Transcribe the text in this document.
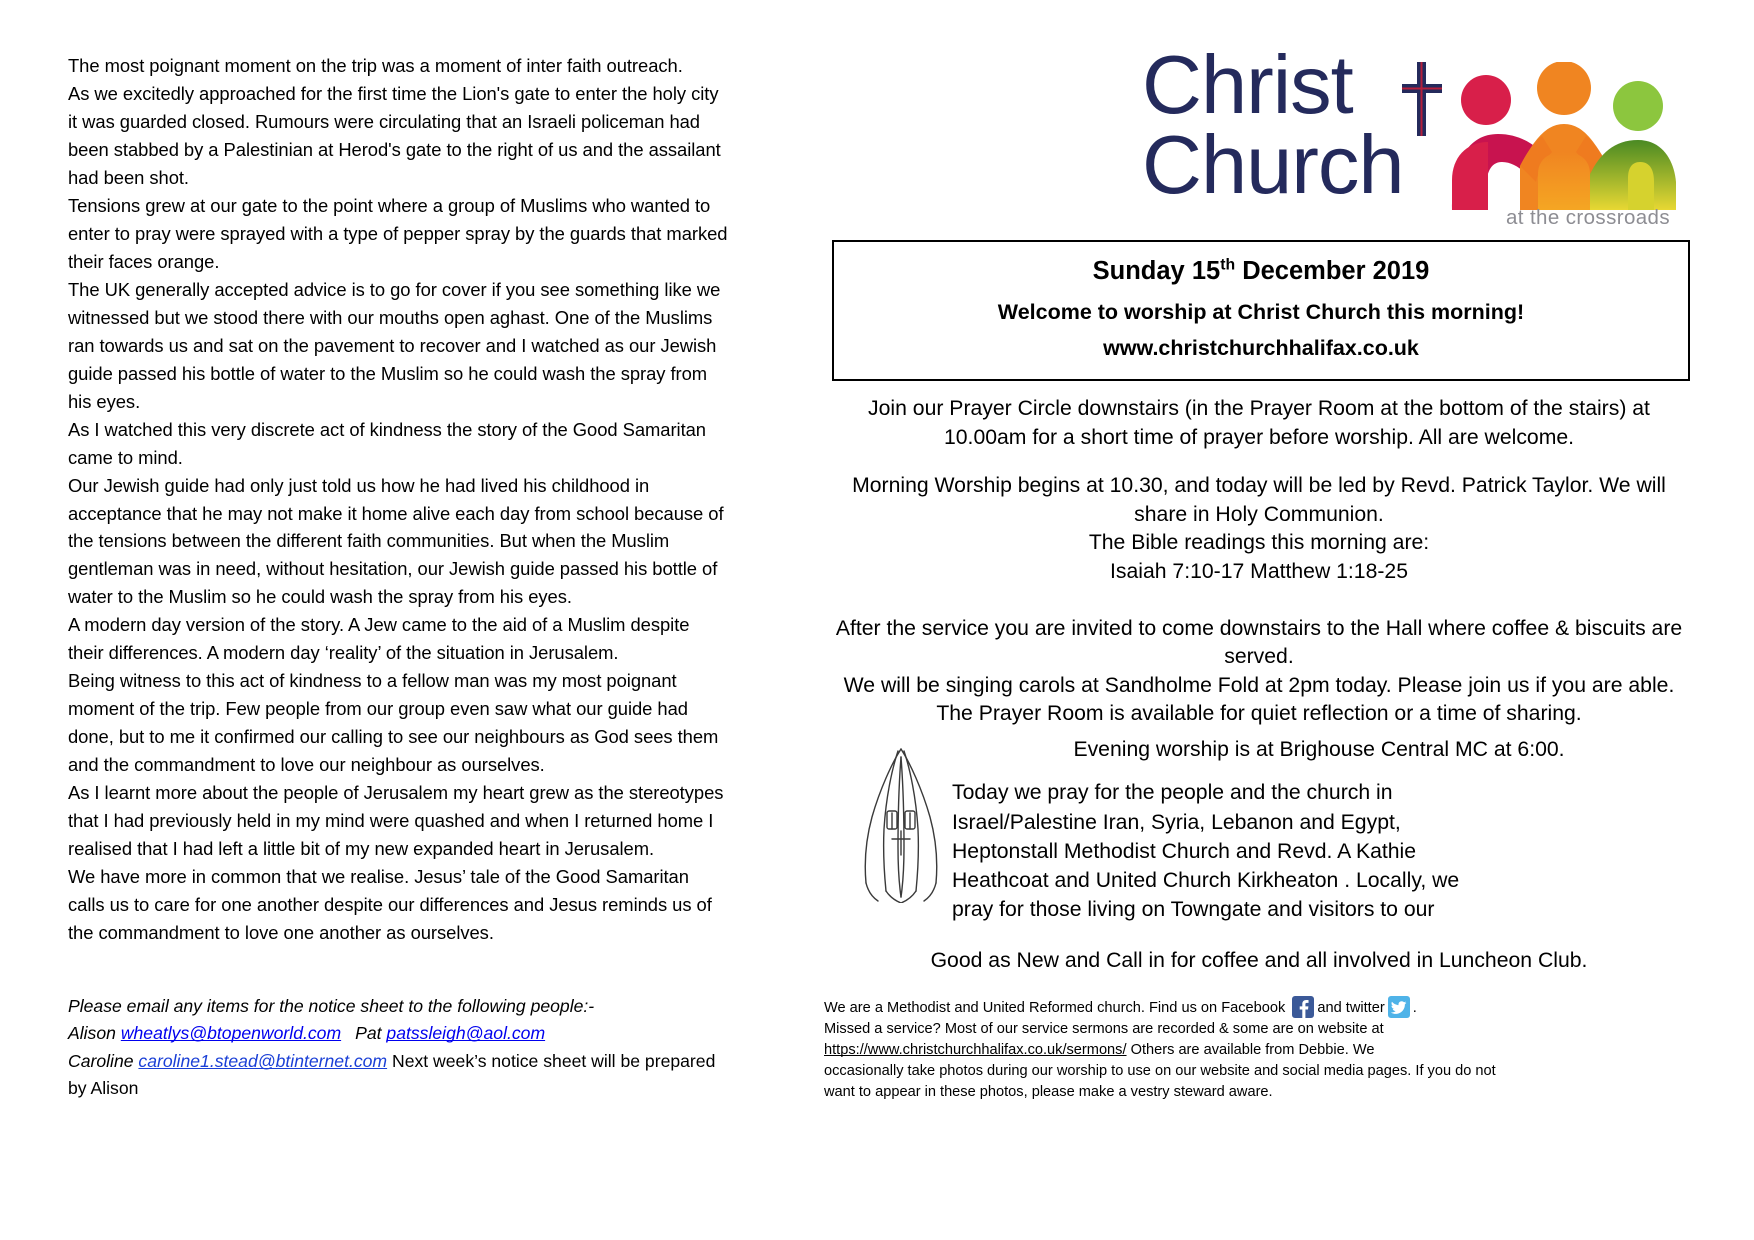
The most poignant moment on the trip was a moment of inter faith outreach.

As we excitedly approached for the first time the Lion's gate to enter the holy city it was guarded closed. Rumours were circulating that an Israeli policeman had been stabbed by a Palestinian at Herod's gate to the right of us and the assailant had been shot.

Tensions grew at our gate to the point where a group of Muslims who wanted to enter to pray were sprayed with a type of pepper spray by the guards that marked their faces orange.

The UK generally accepted advice is to go for cover if you see something like we witnessed but we stood there with our mouths open aghast. One of the Muslims ran towards us and sat on the pavement to recover and I watched as our Jewish guide passed his bottle of water to the Muslim so he could wash the spray from his eyes.

As I watched this very discrete act of kindness the story of the Good Samaritan came to mind.

Our Jewish guide had only just told us how he had lived his childhood in acceptance that he may not make it home alive each day from school because of the tensions between the different faith communities. But when the Muslim gentleman was in need, without hesitation, our Jewish guide passed his bottle of water to the Muslim so he could wash the spray from his eyes.

A modern day version of the story. A Jew came to the aid of a Muslim despite their differences. A modern day ‘reality’ of the situation in Jerusalem.

Being witness to this act of kindness to a fellow man was my most poignant moment of the trip. Few people from our group even saw what our guide had done, but to me it confirmed our calling to see our neighbours as God sees them and the commandment to love our neighbour as ourselves.

As I learnt more about the people of Jerusalem my heart grew as the stereotypes that I had previously held in my mind were quashed and when I returned home I realised that I had left a little bit of my new expanded heart in Jerusalem.

We have more in common that we realise. Jesus’ tale of the Good Samaritan calls us to care for one another despite our differences and Jesus reminds us of the commandment to love one another as ourselves.

Please email any items for the notice sheet to the following people:-

Alison wheatlys@btopenworld.com Pat patssleigh@aol.com

Caroline caroline1.stead@btinternet.com Next week’s notice sheet will be prepared by Alison

Christ
Church
at the crossroads

Sunday 15th December 2019

Welcome to worship at Christ Church this morning!

www.christchurchhalifax.co.uk

Join our Prayer Circle downstairs (in the Prayer Room at the bottom of the stairs) at 10.00am for a short time of prayer before worship. All are welcome.

Morning Worship begins at 10.30, and today will be led by Revd. Patrick Taylor. We will share in Holy Communion.

The Bible readings this morning are:

Isaiah 7:10-17 Matthew 1:18-25

After the service you are invited to come downstairs to the Hall where coffee & biscuits are served.

We will be singing carols at Sandholme Fold at 2pm today. Please join us if you are able.

The Prayer Room is available for quiet reflection or a time of sharing.

Evening worship is at Brighouse Central MC at 6:00.

Today we pray for the people and the church in

Israel/Palestine Iran, Syria, Lebanon and Egypt,

Heptonstall Methodist Church and Revd. A Kathie

Heathcoat and United Church Kirkheaton . Locally, we

pray for those living on Towngate and visitors to our

Good as New and Call in for coffee and all involved in Luncheon Club.

We are a Methodist and United Reformed church. Find us on Facebook and twitter .

Missed a service? Most of our service sermons are recorded & some are on website at

https://www.christchurchhalifax.co.uk/sermons/ Others are available from Debbie. We

occasionally take photos during our worship to use on our website and social media pages. If you do not

want to appear in these photos, please make a vestry steward aware.
